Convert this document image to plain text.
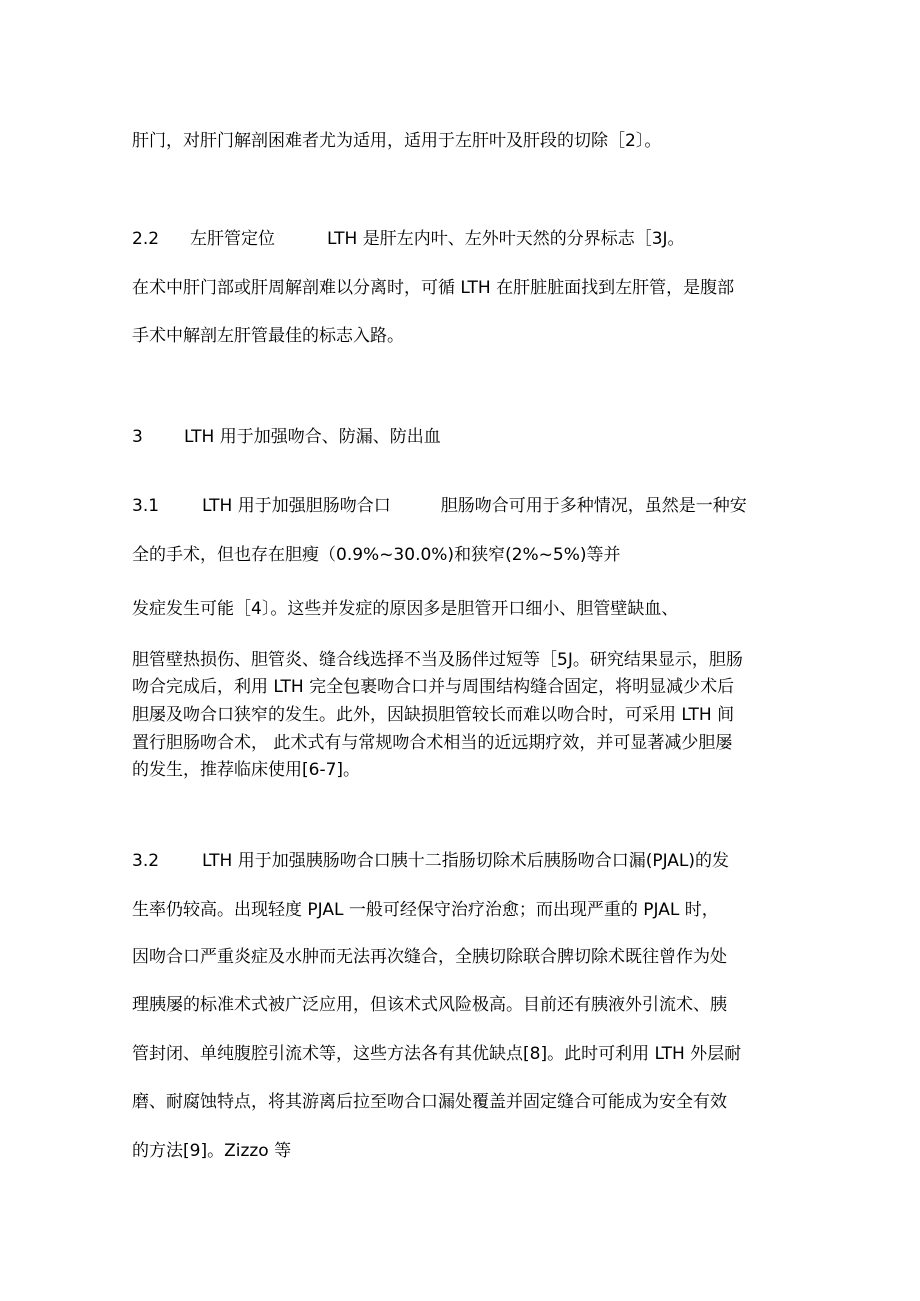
肝门，对肝门解剖困难者尤为适用，适用于左肝叶及肝段的切除［2〕。
2.2 左肝管定位	LTH 是肝左内叶、左外叶天然的分界标志［3J。
在术中肝门部或肝周解剖难以分离时，可循 LTH 在肝脏脏面找到左肝管，是腹部
手术中解剖左肝管最佳的标志入路。
3 LTH 用于加强吻合、防漏、防出血
3.1	LTH 用于加强胆肠吻合口	胆肠吻合可用于多种情况，虽然是一种安
全的手术，但也存在胆瘦（0.9%~30.0%)和狭窄(2%~5%)等并
发症发生可能［4〕。这些并发症的原因多是胆管开口细小、胆管壁缺血、
胆管壁热损伤、胆管炎、缝合线选择不当及肠伴过短等［5J。研究结果显示，胆肠
吻合完成后，利用 LTH 完全包裹吻合口并与周围结构缝合固定，将明显减少术后
胆屡及吻合口狭窄的发生。此外，因缺损胆管较长而难以吻合时，可采用 LTH 间
置行胆肠吻合术， 此术式有与常规吻合术相当的近远期疗效，并可显著减少胆屡
的发生，推荐临床使用[6-7]。
3.2	LTH 用于加强胰肠吻合口胰十二指肠切除术后胰肠吻合口漏(PJAL)的发
生率仍较高。出现轻度 PJAL 一般可经保守治疗治愈；而出现严重的 PJAL 时，
因吻合口严重炎症及水肿而无法再次缝合，全胰切除联合脾切除术既往曾作为处
理胰屡的标准术式被广泛应用，但该术式风险极高。目前还有胰液外引流术、胰
管封闭、单纯腹腔引流术等，这些方法各有其优缺点[8]。此时可利用 LTH 外层耐
磨、耐腐蚀特点，将其游离后拉至吻合口漏处覆盖并固定缝合可能成为安全有效
的方法[9]。Zizzo 等
